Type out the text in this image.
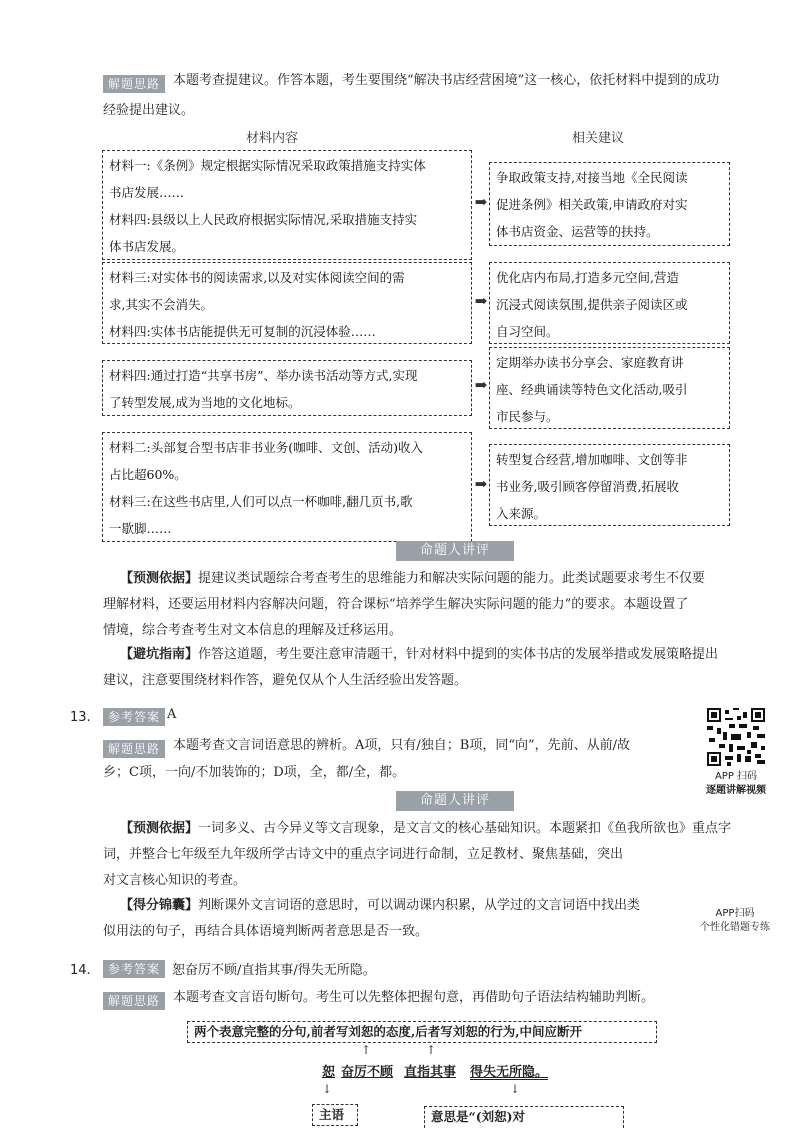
解题思路 本题考查提建议。作答本题，考生要围绕“解决书店经营困境”这一核心，依托材料中提到的成功
经验提出建议。
材料内容	相关建议
材料一:《条例》规定根据实际情况采取政策措施支持实体
书店发展……
材料四:县级以上人民政府根据实际情况,采取措施支持实
体书店发展。
➡
争取政策支持,对接当地《全民阅读
促进条例》相关政策,申请政府对实
体书店资金、运营等的扶持。
材料三:对实体书的阅读需求,以及对实体阅读空间的需
求,其实不会消失。
材料四:实体书店能提供无可复制的沉浸体验……
➡
优化店内布局,打造多元空间,营造
沉浸式阅读氛围,提供亲子阅读区或
自习空间。
材料四:通过打造“共享书房”、举办读书活动等方式,实现
了转型发展,成为当地的文化地标。
➡
定期举办读书分享会、家庭教育讲
座、经典诵读等特色文化活动,吸引
市民参与。
材料二:头部复合型书店非书业务(咖啡、文创、活动)收入
占比超60%。
材料三:在这些书店里,人们可以点一杯咖啡,翻几页书,歌
一歇脚……
➡
转型复合经营,增加咖啡、文创等非
书业务,吸引顾客停留消费,拓展收
入来源。
命题人讲评
【预测依据】提建议类试题综合考查考生的思维能力和解决实际问题的能力。此类试题要求考生不仅要
理解材料，还要运用材料内容解决问题，符合课标“培养学生解决实际问题的能力”的要求。本题设置了
情境，综合考查考生对文本信息的理解及迁移运用。
【避坑指南】作答这道题，考生要注意审清题干，针对材料中提到的实体书店的发展举措或发展策略提出
建议，注意要围绕材料作答，避免仅从个人生活经验出发答题。
13.	参考答案 A
解题思路 本题考查文言词语意思的辨析。A项，只有/独自；B项，同“向”，先前、从前/故
乡；C项，一向/不加装饰的；D项，全，都/全，都。	APP 扫码
逐题讲解视频
命题人讲评
【预测依据】一词多义、古今异义等文言现象，是文言文的核心基础知识。本题紧扣《鱼我所欲也》重点字
词，并整合七年级至九年级所学古诗文中的重点字词进行命制，立足教材、聚焦基础，突出
对文言核心知识的考查。
【得分锦囊】判断课外文言词语的意思时，可以调动课内积累，从学过的文言词语中找出类
似用法的句子，再结合具体语境判断两者意思是否一致。
APP扫码
个性化错题专练
14.	参考答案 恕奋厉不顾/直指其事/得失无所隐。
解题思路 本题考查文言语句断句。考生可以先整体把握句意，再借助句子语法结构辅助判断。
两个表意完整的分句,前者写刘恕的态度,后者写刘恕的行为,中间应断开
↑	↑
恕 奋厉不顾 直指其事 得失无所隐。
↓	↓
主语	意思是“(刘恕)对
